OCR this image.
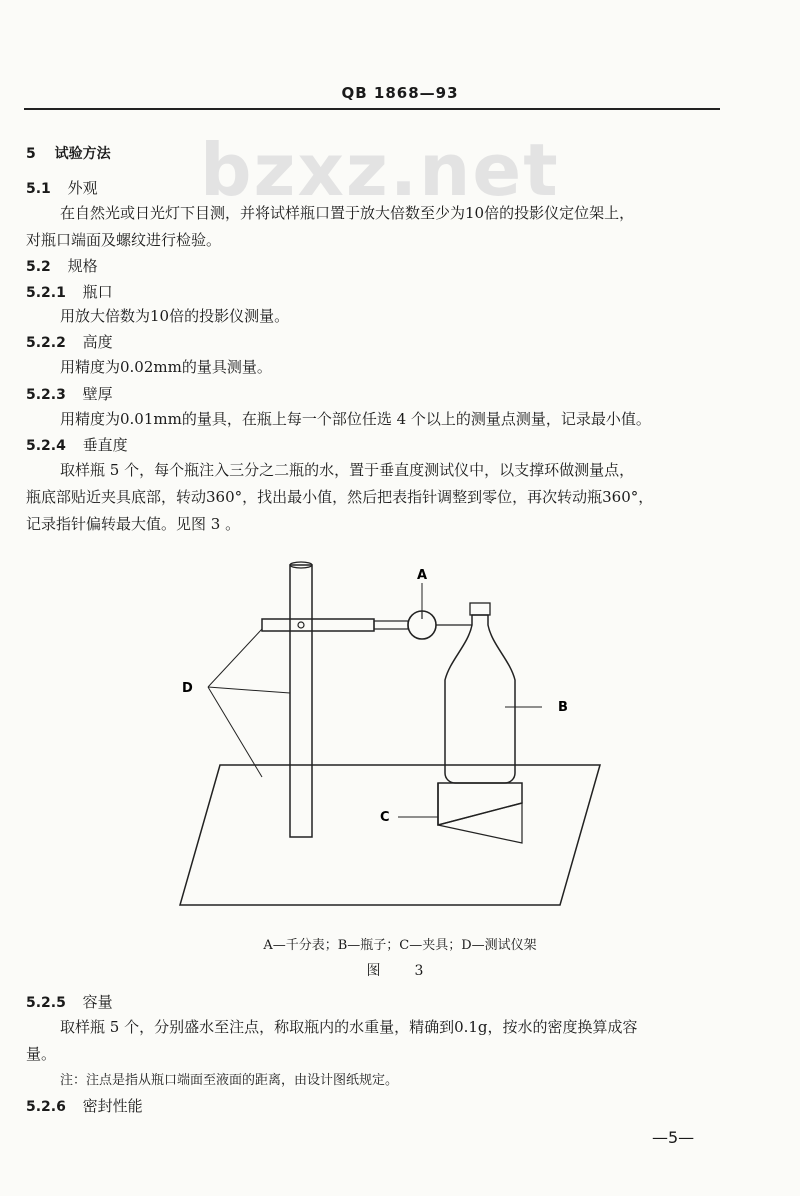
QB 1868—93
bzxz.net
5 试验方法
5.1 外观
在自然光或日光灯下目测，并将试样瓶口置于放大倍数至少为10倍的投影仪定位架上，
对瓶口端面及螺纹进行检验。
5.2 规格
5.2.1 瓶口
用放大倍数为10倍的投影仪测量。
5.2.2 高度
用精度为0.02mm的量具测量。
5.2.3 壁厚
用精度为0.01mm的量具，在瓶上每一个部位任选 4 个以上的测量点测量，记录最小值。
5.2.4 垂直度
取样瓶 5 个，每个瓶注入三分之二瓶的水，置于垂直度测试仪中，以支撑环做测量点，
瓶底部贴近夹具底部，转动360°，找出最小值，然后把表指针调整到零位，再次转动瓶360°，
记录指针偏转最大值。见图 3 。
A
B
C
D
A—千分表；B—瓶子；C—夹具；D—测试仪架
图　3
5.2.5 容量
取样瓶 5 个，分别盛水至注点，称取瓶内的水重量，精确到0.1g，按水的密度换算成容
量。
注：注点是指从瓶口端面至液面的距离，由设计图纸规定。
5.2.6 密封性能
—5—
